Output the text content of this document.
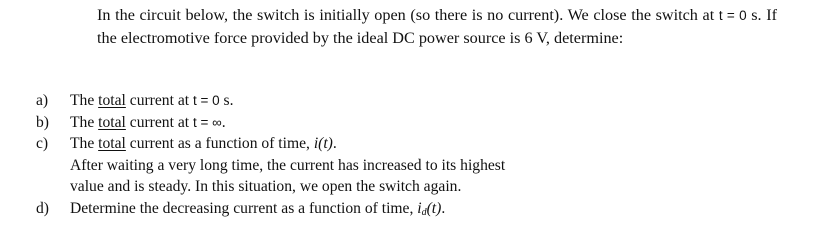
In the circuit below, the switch is initially open (so there is no current). We close the switch at t = 0 s. If the electromotive force provided by the ideal DC power source is 6 V, determine:

a) The total current at t = 0 s.
b) The total current at t = ∞.
c) The total current as a function of time, i(t).
After waiting a very long time, the current has increased to its highest
value and is steady. In this situation, we open the switch again.
d) Determine the decreasing current as a function of time, $i_d(t)$.
